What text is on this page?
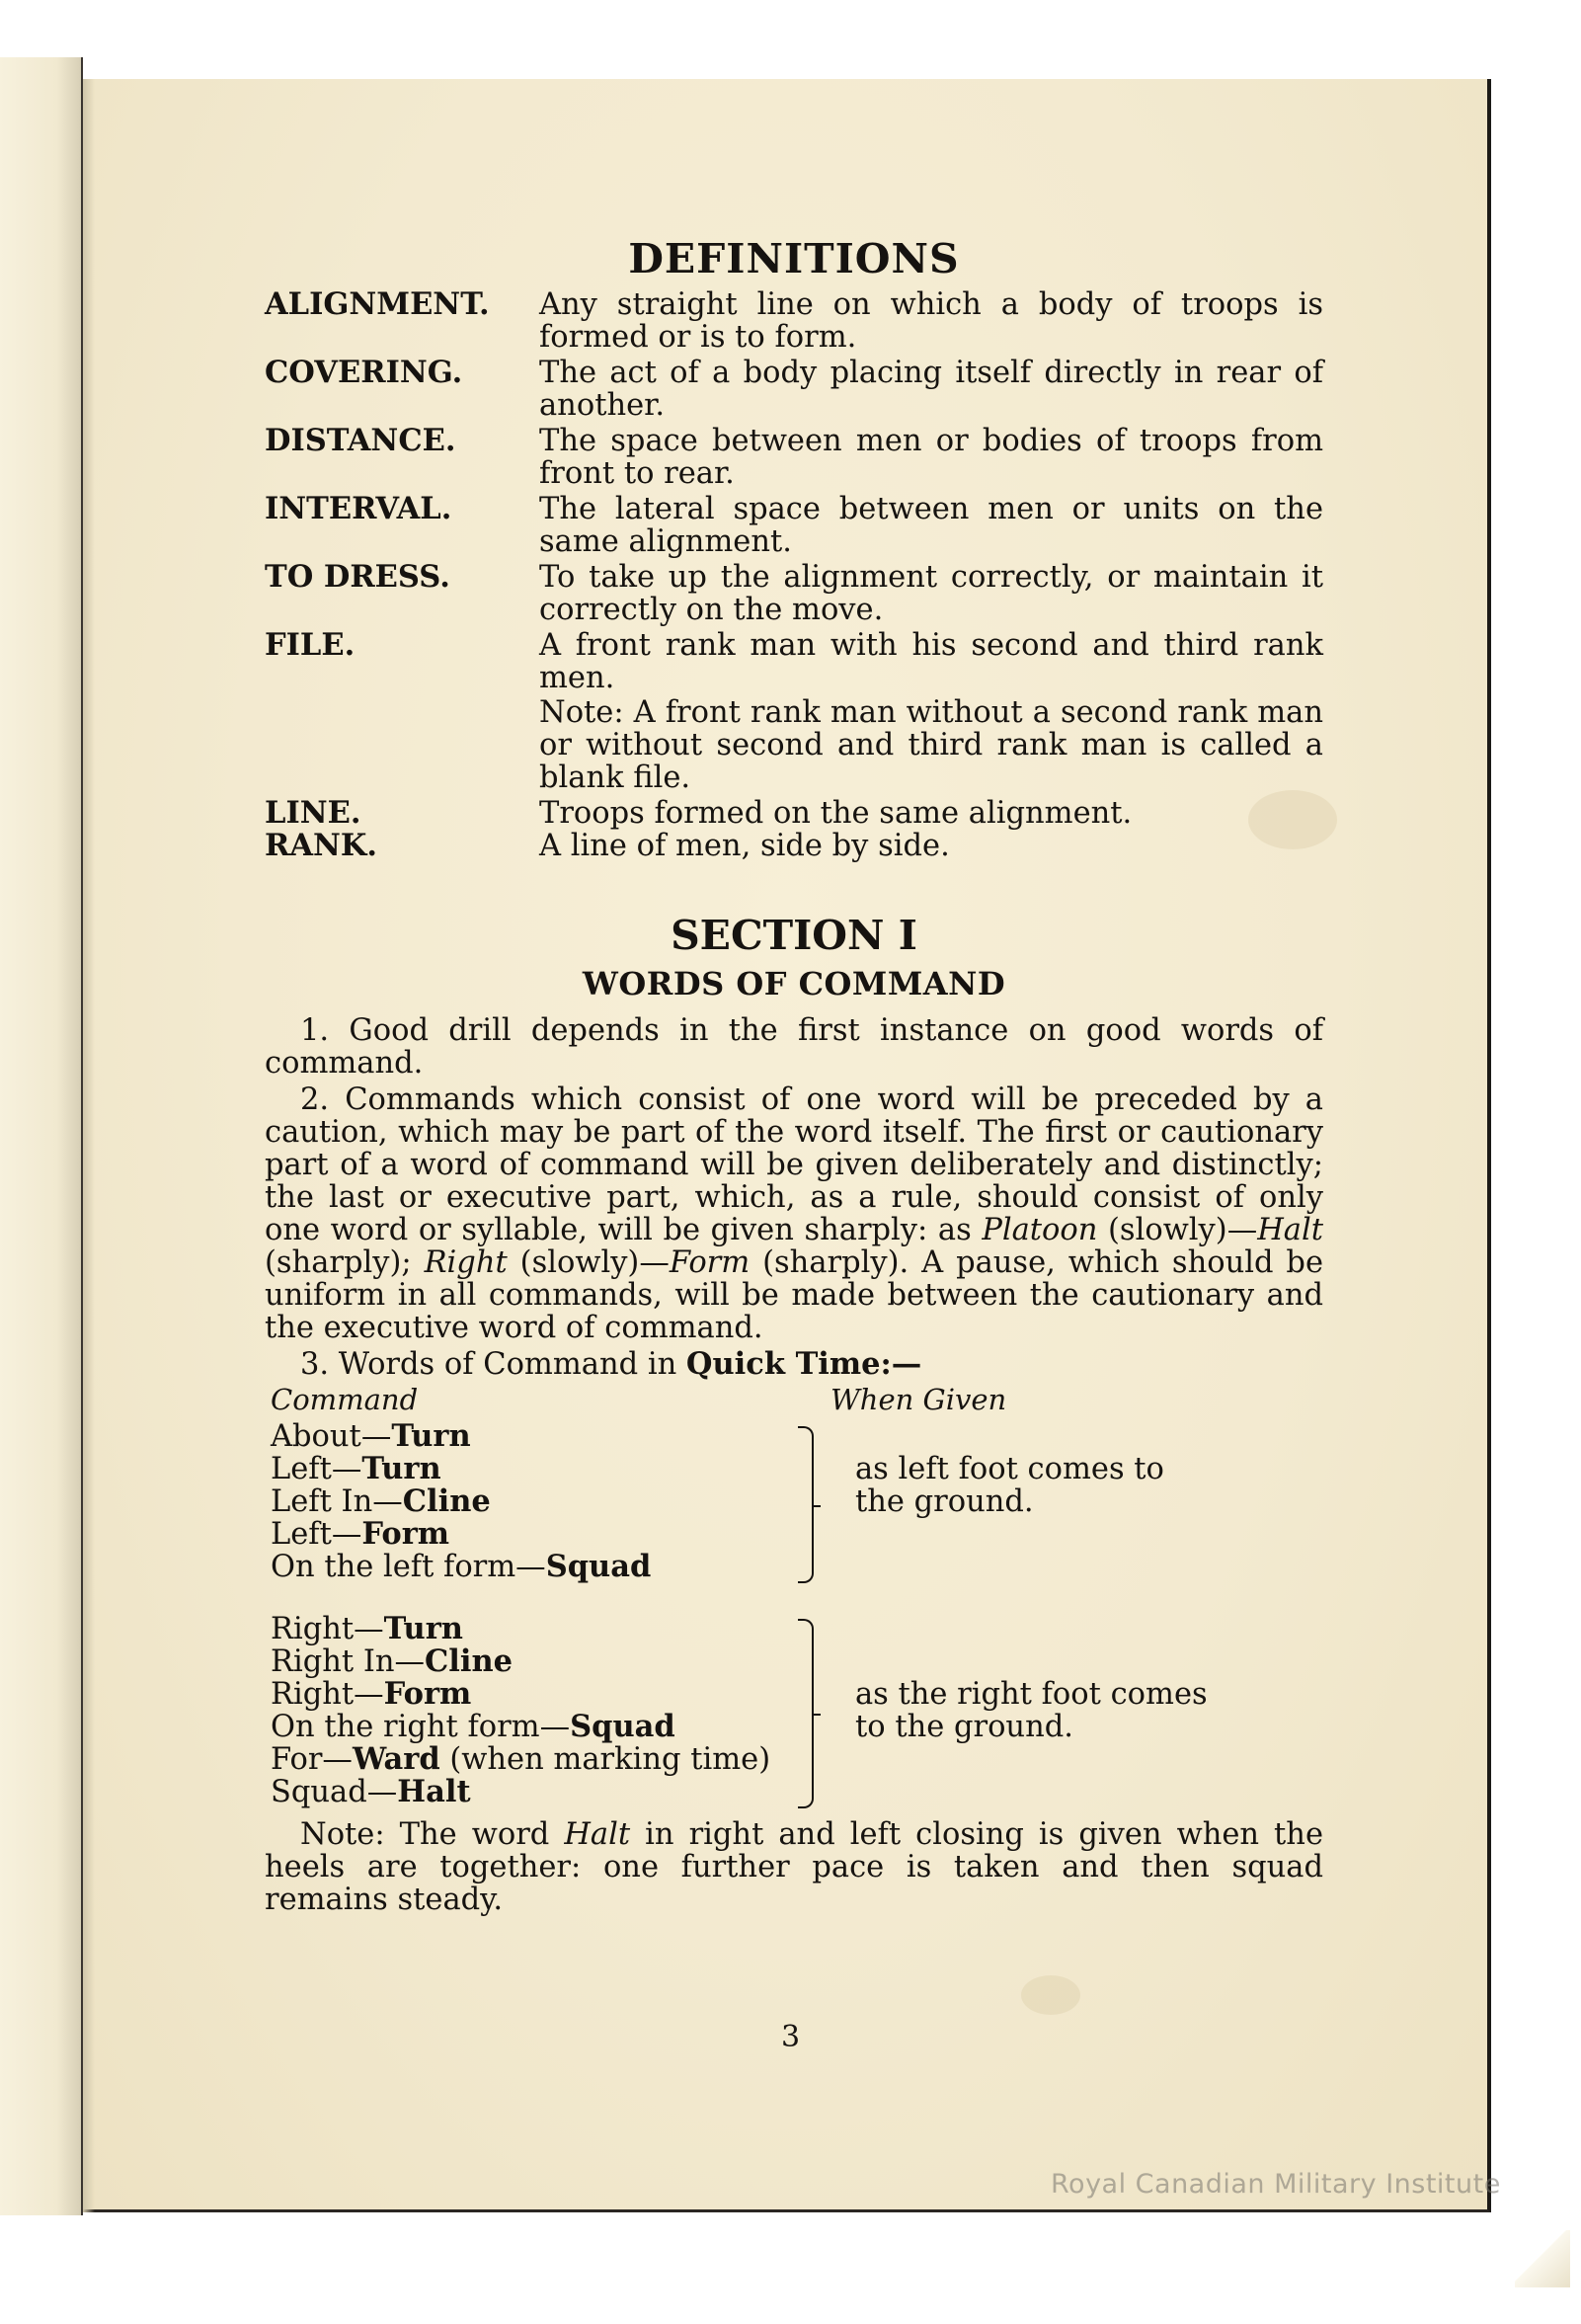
DEFINITIONS
ALIGNMENT.	Any straight line on which a body of troops is formed or is to form.
COVERING.	The act of a body placing itself directly in rear of another.
DISTANCE.	The space between men or bodies of troops from front to rear.
INTERVAL.	The lateral space between men or units on the same alignment.
TO DRESS.	To take up the alignment correctly, or maintain it correctly on the move.
FILE.	A front rank man with his second and third rank men.
Note: A front rank man without a second rank man or without second and third rank man is called a blank file.

LINE.	Troops formed on the same alignment.
RANK.	A line of men, side by side.
SECTION I
WORDS OF COMMAND

1. Good drill depends in the first instance on good words of command.

2. Commands which consist of one word will be preceded by a caution, which may be part of the word itself. The first or cautionary part of a word of command will be given deliberately and distinctly; the last or executive part, which, as a rule, should consist of only one word or syllable, will be given sharply: as Platoon (slowly)—Halt (sharply); Right (slowly)—Form (sharply). A pause, which should be uniform in all commands, will be made between the cautionary and the executive word of command.

3. Words of Command in Quick Time:—

Command	When Given
About—Turn
Left—Turn
Left In—Cline
Left—Form
On the left form—Squad
as left foot comes to
the ground.
Right—Turn
Right In—Cline
Right—Form
On the right form—Squad
For—Ward (when marking time)
Squad—Halt
as the right foot comes
to the ground.

Note: The word Halt in right and left closing is given when the heels are together: one further pace is taken and then squad remains steady.

3
Royal Canadian Military Institute
